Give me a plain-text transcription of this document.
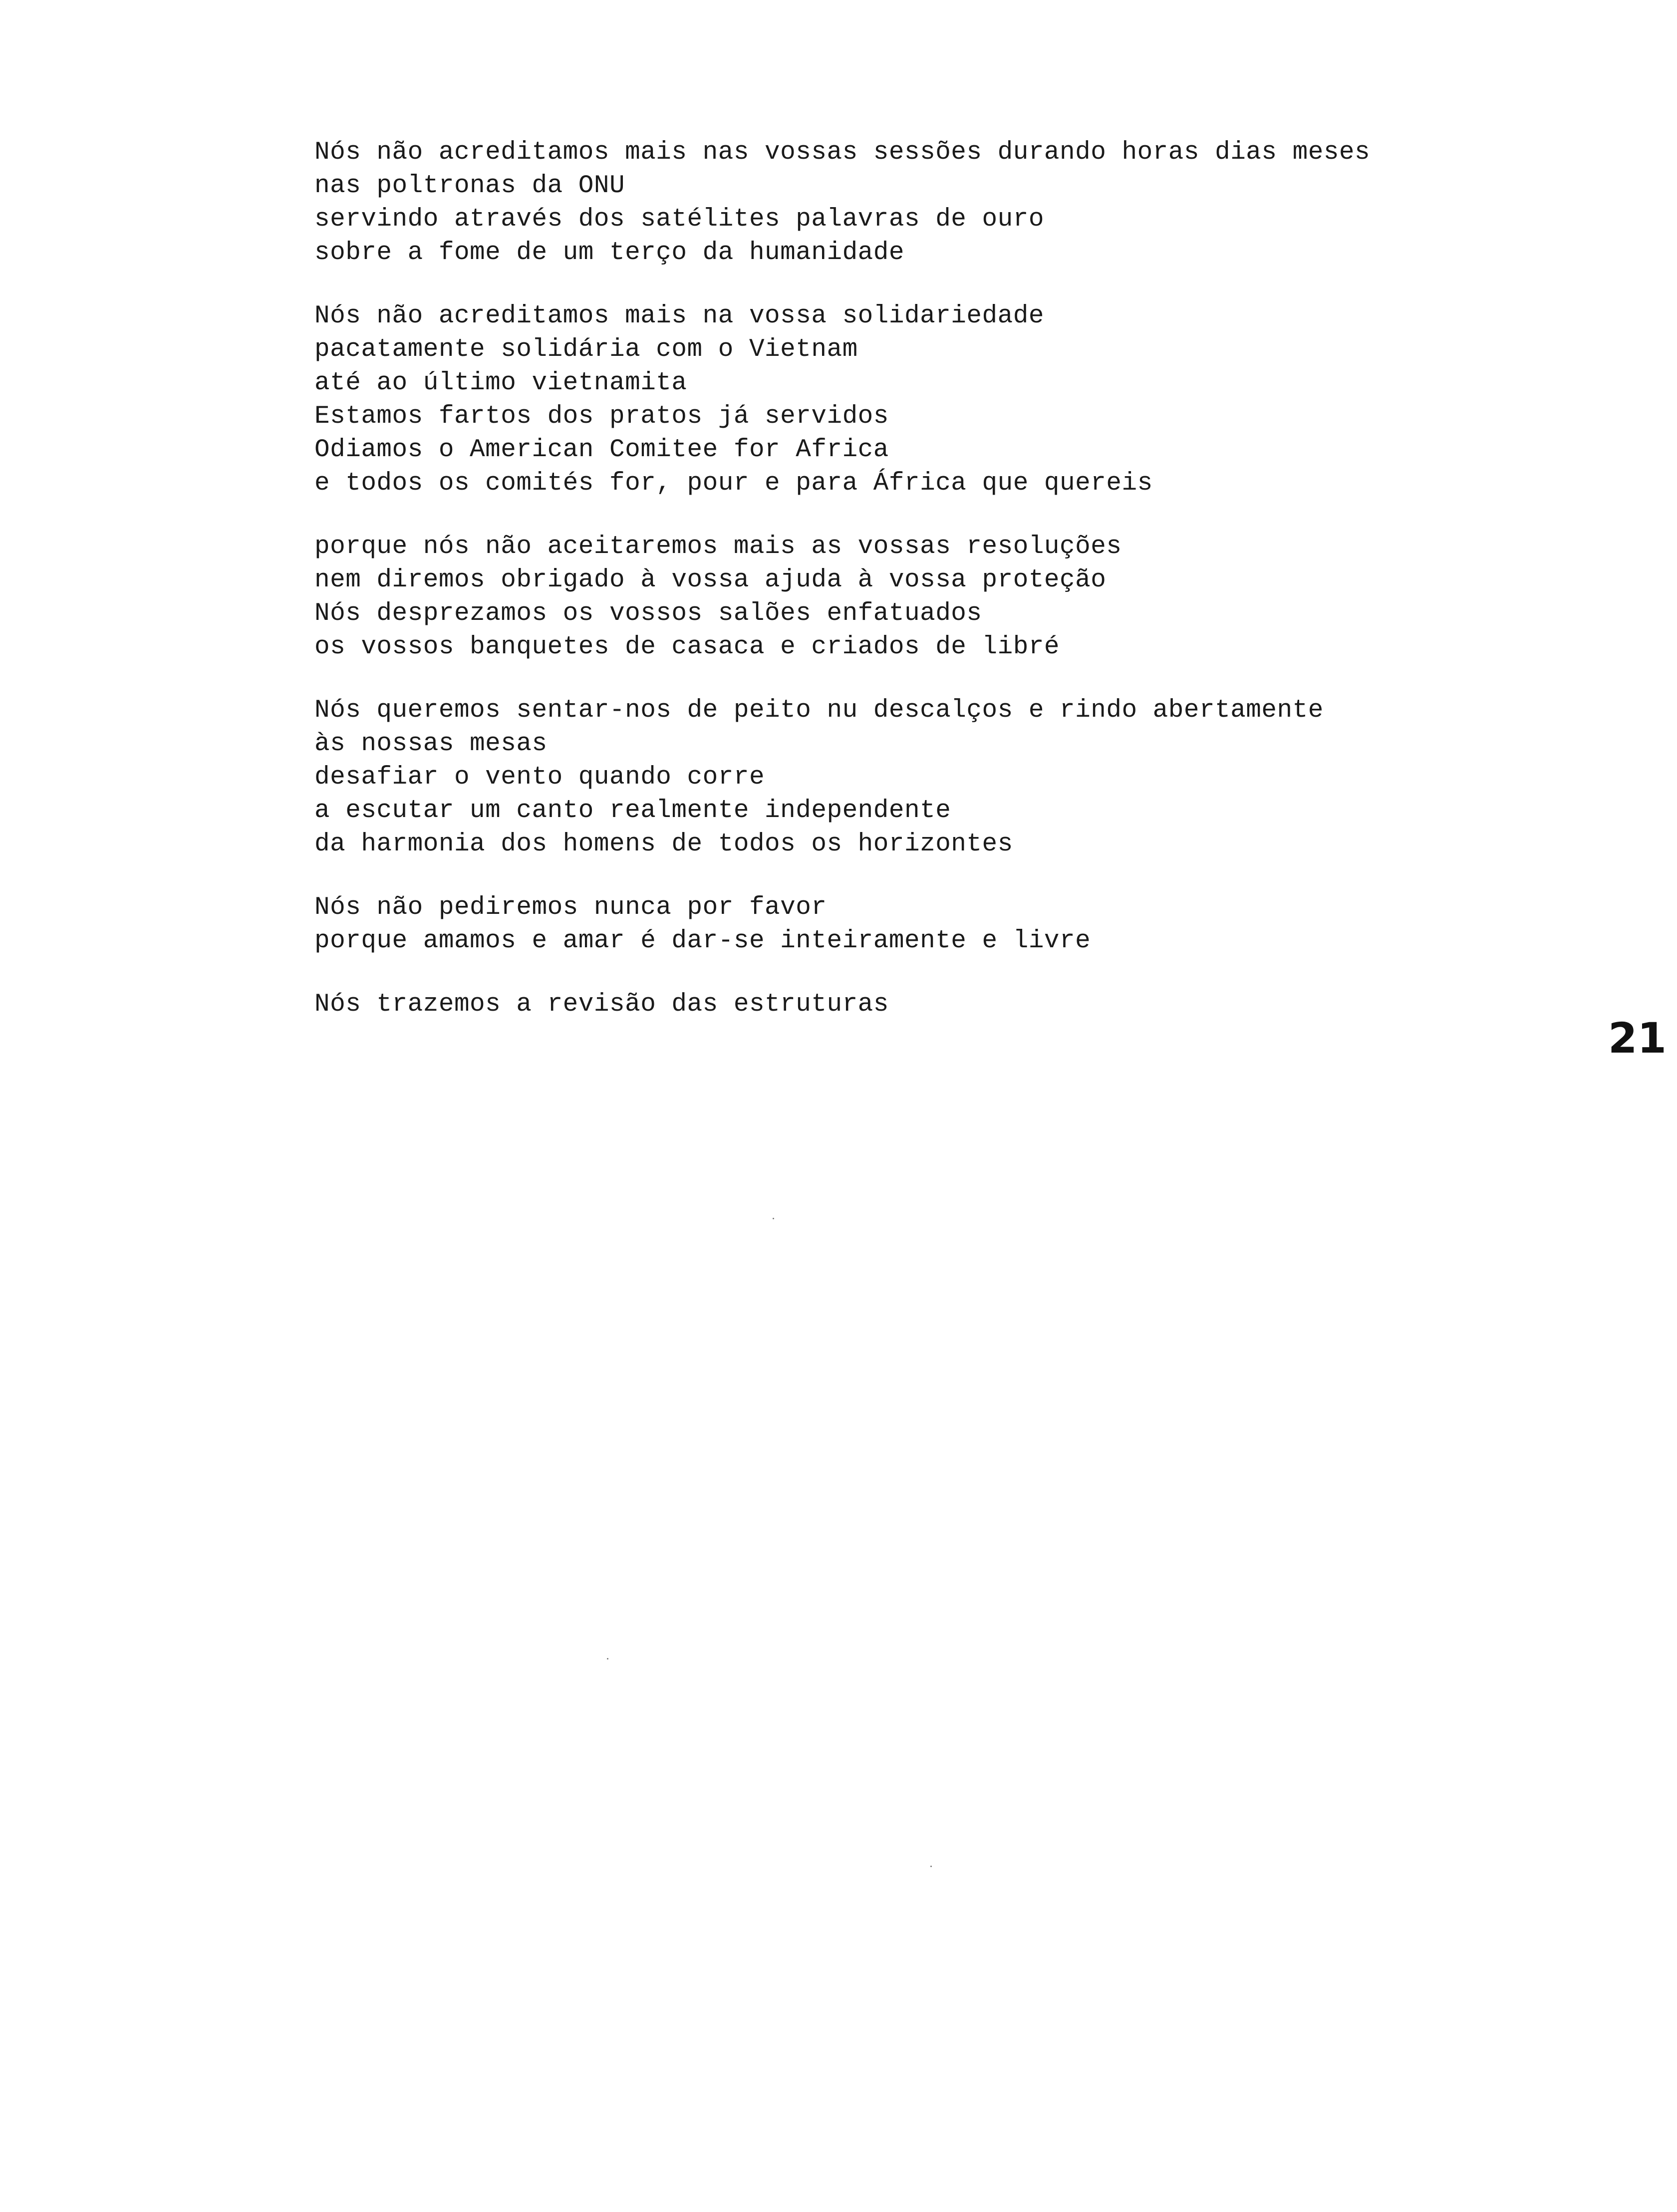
Nós não acreditamos mais nas vossas sessões durando horas dias meses
nas poltronas da ONU
servindo através dos satélites palavras de ouro
sobre a fome de um terço da humanidade
Nós não acreditamos mais na vossa solidariedade
pacatamente solidária com o Vietnam
até ao último vietnamita
Estamos fartos dos pratos já servidos
Odiamos o American Comitee for Africa
e todos os comités for, pour e para África que quereis
porque nós não aceitaremos mais as vossas resoluções
nem diremos obrigado à vossa ajuda à vossa proteção
Nós desprezamos os vossos salões enfatuados
os vossos banquetes de casaca e criados de libré
Nós queremos sentar-nos de peito nu descalços e rindo abertamente
às nossas mesas
desafiar o vento quando corre
a escutar um canto realmente independente
da harmonia dos homens de todos os horizontes
Nós não pediremos nunca por favor
porque amamos e amar é dar-se inteiramente e livre
Nós trazemos a revisão das estruturas
21
